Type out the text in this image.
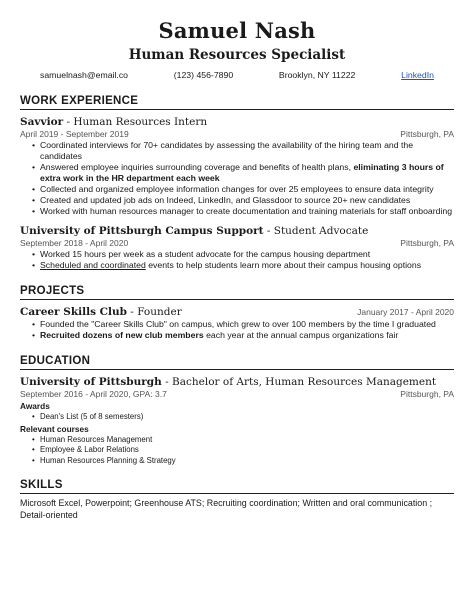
Samuel Nash
Human Resources Specialist
samuelnash@email.co	(123) 456-7890	Brooklyn, NY 11222	LinkedIn
WORK EXPERIENCE
Savvior - Human Resources Intern
April 2019 - September 2019	Pittsburgh, PA
• Coordinated interviews for 70+ candidates by assessing the availability of the hiring team and the candidates
• Answered employee inquiries surrounding coverage and benefits of health plans, eliminating 3 hours of extra work in the HR department each week
• Collected and organized employee information changes for over 25 employees to ensure data integrity
• Created and updated job ads on Indeed, LinkedIn, and Glassdoor to source 20+ new candidates
• Worked with human resources manager to create documentation and training materials for staff onboarding
University of Pittsburgh Campus Support - Student Advocate
September 2018 - April 2020	Pittsburgh, PA
• Worked 15 hours per week as a student advocate for the campus housing department
• Scheduled and coordinated events to help students learn more about their campus housing options
PROJECTS
Career Skills Club - Founder	January 2017 - April 2020
• Founded the "Career Skills Club" on campus, which grew to over 100 members by the time I graduated
• Recruited dozens of new club members each year at the annual campus organizations fair
EDUCATION
University of Pittsburgh - Bachelor of Arts, Human Resources Management
September 2016 - April 2020, GPA: 3.7	Pittsburgh, PA
Awards
• Dean's List (5 of 8 semesters)
Relevant courses
• Human Resources Management
• Employee & Labor Relations
• Human Resources Planning & Strategy
SKILLS
Microsoft Excel, Powerpoint; Greenhouse ATS; Recruiting coordination; Written and oral communication ; Detail-oriented
